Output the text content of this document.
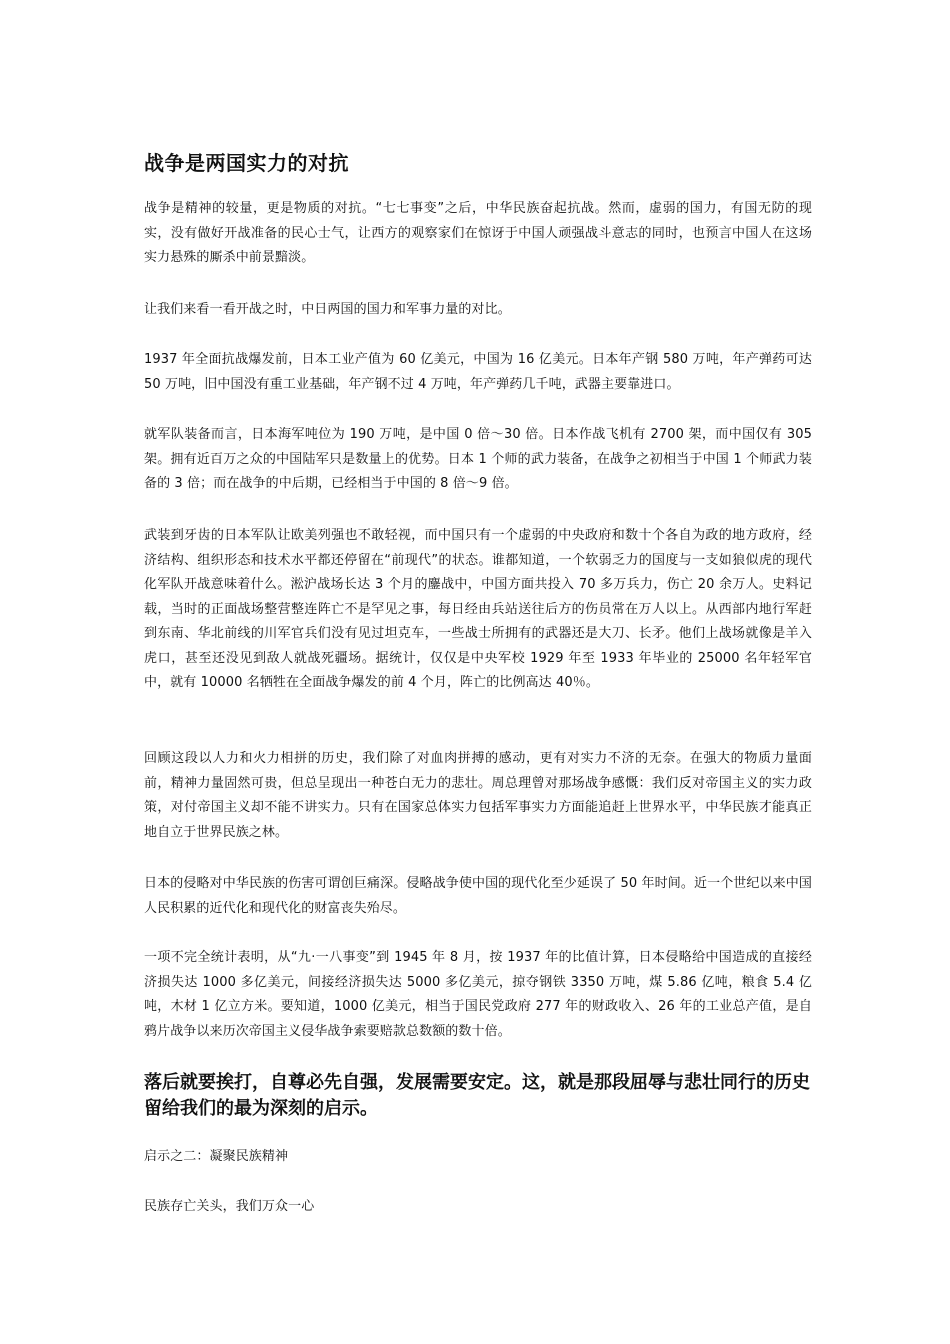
战争是两国实力的对抗

战争是精神的较量，更是物质的对抗。“七七事变”之后，中华民族奋起抗战。然而，虚弱的国力，有国无防的现实，没有做好开战准备的民心士气，让西方的观察家们在惊讶于中国人顽强战斗意志的同时，也预言中国人在这场实力悬殊的厮杀中前景黯淡。

让我们来看一看开战之时，中日两国的国力和军事力量的对比。

1937 年全面抗战爆发前，日本工业产值为 60 亿美元，中国为 16 亿美元。日本年产钢 580 万吨，年产弹药可达 50 万吨，旧中国没有重工业基础，年产钢不过 4 万吨，年产弹药几千吨，武器主要靠进口。

就军队装备而言，日本海军吨位为 190 万吨，是中国 0 倍～30 倍。日本作战飞机有 2700 架，而中国仅有 305 架。拥有近百万之众的中国陆军只是数量上的优势。日本 1 个师的武力装备，在战争之初相当于中国 1 个师武力装备的 3 倍；而在战争的中后期，已经相当于中国的 8 倍～9 倍。

武装到牙齿的日本军队让欧美列强也不敢轻视，而中国只有一个虚弱的中央政府和数十个各自为政的地方政府，经济结构、组织形态和技术水平都还停留在“前现代”的状态。谁都知道，一个软弱乏力的国度与一支如狼似虎的现代化军队开战意味着什么。淞沪战场长达 3 个月的鏖战中，中国方面共投入 70 多万兵力，伤亡 20 余万人。史料记载，当时的正面战场整营整连阵亡不是罕见之事，每日经由兵站送往后方的伤员常在万人以上。从西部内地行军赶到东南、华北前线的川军官兵们没有见过坦克车，一些战士所拥有的武器还是大刀、长矛。他们上战场就像是羊入虎口，甚至还没见到敌人就战死疆场。据统计，仅仅是中央军校 1929 年至 1933 年毕业的 25000 名年轻军官中，就有 10000 名牺牲在全面战争爆发的前 4 个月，阵亡的比例高达 40％。

回顾这段以人力和火力相拼的历史，我们除了对血肉拼搏的感动，更有对实力不济的无奈。在强大的物质力量面前，精神力量固然可贵，但总呈现出一种苍白无力的悲壮。周总理曾对那场战争感慨：我们反对帝国主义的实力政策，对付帝国主义却不能不讲实力。只有在国家总体实力包括军事实力方面能追赶上世界水平，中华民族才能真正地自立于世界民族之林。

日本的侵略对中华民族的伤害可谓创巨痛深。侵略战争使中国的现代化至少延误了 50 年时间。近一个世纪以来中国人民积累的近代化和现代化的财富丧失殆尽。

一项不完全统计表明，从“九·一八事变”到 1945 年 8 月，按 1937 年的比值计算，日本侵略给中国造成的直接经济损失达 1000 多亿美元，间接经济损失达 5000 多亿美元，掠夺钢铁 3350 万吨，煤 5.86 亿吨，粮食 5.4 亿吨，木材 1 亿立方米。要知道，1000 亿美元，相当于国民党政府 277 年的财政收入、26 年的工业总产值，是自鸦片战争以来历次帝国主义侵华战争索要赔款总数额的数十倍。

落后就要挨打，自尊必先自强，发展需要安定。这，就是那段屈辱与悲壮同行的历史留给我们的最为深刻的启示。

启示之二：凝聚民族精神

民族存亡关头，我们万众一心
